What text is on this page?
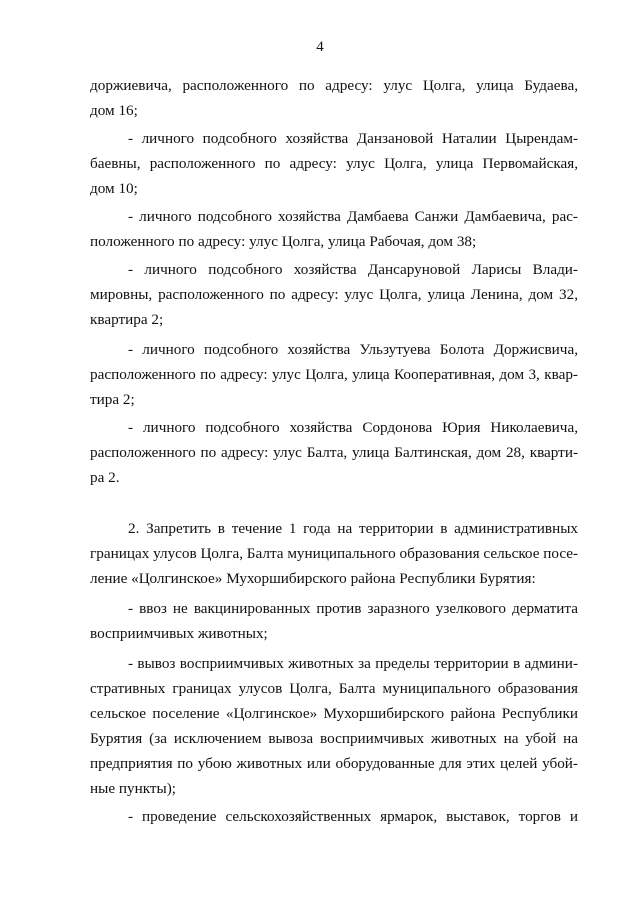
4
доржиевича, расположенного по адресу: улус Цолга, улица Будаева,
дом 16;
- личного подсобного хозяйства Данзановой Наталии Цырендам-
баевны, расположенного по адресу: улус Цолга, улица Первомайская,
дом 10;
- личного подсобного хозяйства Дамбаева Санжи Дамбаевича, рас-
положенного по адресу: улус Цолга, улица Рабочая, дом 38;
- личного подсобного хозяйства Дансаруновой Ларисы Влади-
мировны, расположенного по адресу: улус Цолга, улица Ленина, дом 32,
квартира 2;
- личного подсобного хозяйства Ульзутуева Болота Доржисвича,
расположенного по адресу: улус Цолга, улица Кооперативная, дом 3, квар-
тира 2;
- личного подсобного хозяйства Сордонова Юрия Николаевича,
расположенного по адресу: улус Балта, улица Балтинская, дом 28, кварти-
ра 2.
2. Запретить в течение 1 года на территории в административных
границах улусов Цолга, Балта муниципального образования сельское посе-
ление «Цолгинское» Мухоршибирского района Республики Бурятия:
- ввоз не вакцинированных против заразного узелкового дерматита
восприимчивых животных;
- вывоз восприимчивых животных за пределы территории в админи-
стративных границах улусов Цолга, Балта муниципального образования
сельское поселение «Цолгинское» Мухоршибирского района Республики
Бурятия (за исключением вывоза восприимчивых животных на убой на
предприятия по убою животных или оборудованные для этих целей убой-
ные пункты);
- проведение сельскохозяйственных ярмарок, выставок, торгов и
